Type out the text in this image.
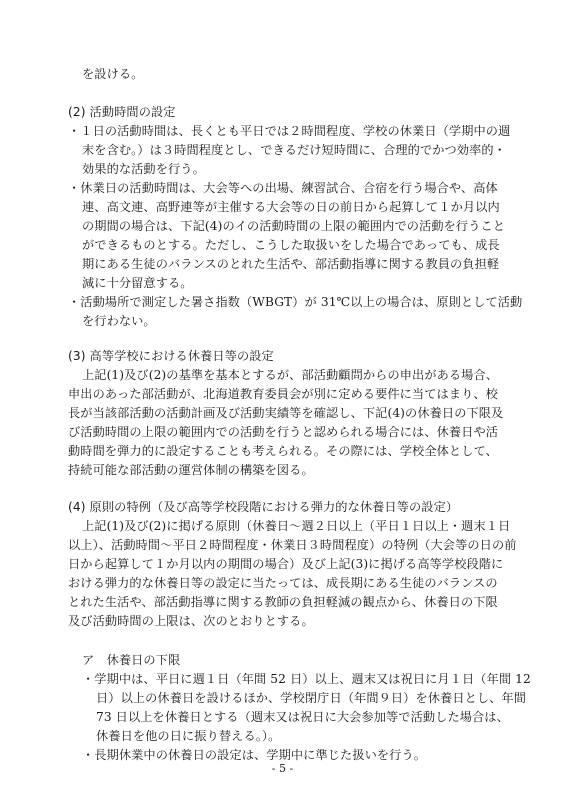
を設ける。
(2) 活動時間の設定
・１日の活動時間は、長くとも平日では２時間程度、学校の休業日（学期中の週
末を含む。）は３時間程度とし、できるだけ短時間に、合理的でかつ効率的・
効果的な活動を行う。
・休業日の活動時間は、大会等への出場、練習試合、合宿を行う場合や、高体
連、高文連、高野連等が主催する大会等の日の前日から起算して１か月以内
の期間の場合は、下記(4)のイの活動時間の上限の範囲内での活動を行うこと
ができるものとする。ただし、こうした取扱いをした場合であっても、成長
期にある生徒のバランスのとれた生活や、部活動指導に関する教員の負担軽
減に十分留意する。
・活動場所で測定した暑さ指数（WBGT）が 31℃以上の場合は、原則として活動
を行わない。
(3) 高等学校における休養日等の設定
上記(1)及び(2)の基準を基本とするが、部活動顧問からの申出がある場合、
申出のあった部活動が、北海道教育委員会が別に定める要件に当てはまり、校
長が当該部活動の活動計画及び活動実績等を確認し、下記(4)の休養日の下限及
び活動時間の上限の範囲内での活動を行うと認められる場合には、休養日や活
動時間を弾力的に設定することも考えられる。その際には、学校全体として、
持続可能な部活動の運営体制の構築を図る。
(4) 原則の特例（及び高等学校段階における弾力的な休養日等の設定）
上記(1)及び(2)に掲げる原則（休養日～週２日以上（平日１日以上・週末１日
以上）、活動時間～平日２時間程度・休業日３時間程度）の特例（大会等の日の前
日から起算して１か月以内の期間の場合）及び上記(3)に掲げる高等学校段階に
おける弾力的な休養日等の設定に当たっては、成長期にある生徒のバランスの
とれた生活や、部活動指導に関する教師の負担軽減の観点から、休養日の下限
及び活動時間の上限は、次のとおりとする。
ア　休養日の下限
・学期中は、平日に週１日（年間 52 日）以上、週末又は祝日に月１日（年間 12
日）以上の休養日を設けるほか、学校閉庁日（年間９日）を休養日とし、年間
73 日以上を休養日とする（週末又は祝日に大会参加等で活動した場合は、
休養日を他の日に振り替える。）。
・長期休業中の休養日の設定は、学期中に準じた扱いを行う。
- 5 -
